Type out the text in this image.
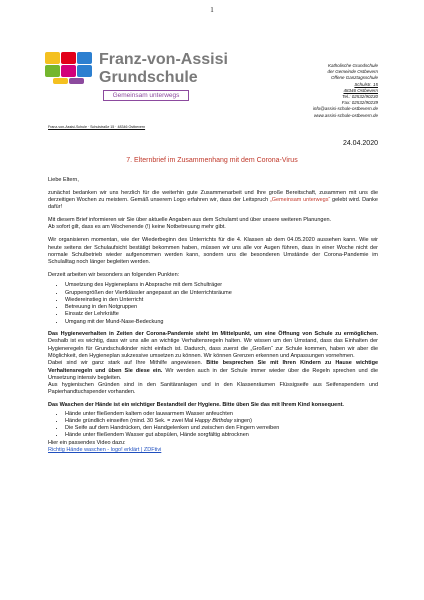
1
Franz-von-Assisi
Grundschule
Gemeinsam unterwegs
Franz-von-Assisi-Schule · Schulstraße 15 · 48346 Ostbevern
Katholische Grundschule
der Gemeinde Ostbevern
Offene Ganztagsschule
Schulstr. 15
48346 Ostbevern
Tel.: 02532/90230
Fax: 02532/90239
info@assisi-schule-ostbevern.de
www.assisi-schule-ostbevern.de
24.04.2020
7. Elternbrief im Zusammenhang mit dem Corona-Virus

Liebe Eltern,

zunächst bedanken wir uns herzlich für die weiterhin gute Zusammenarbeit und Ihre große Bereitschaft, zusammen mit uns die derzeitigen Wochen zu meistern. Gemäß unserem Logo erfahren wir, dass der Leitspruch „Gemeinsam unterwegs“ gelebt wird. Danke dafür!

Mit diesem Brief informieren wir Sie über aktuelle Angaben aus dem Schulamt und über unsere weiteren Planungen.

Ab sofort gilt, dass es am Wochenende (!) keine Notbetreuung mehr gibt.

Wir organisieren momentan, wie der Wiederbeginn des Unterrichts für die 4. Klassen ab dem 04.05.2020 aussehen kann. Wie wir heute seitens der Schulaufsicht bestätigt bekommen haben, müssen wir uns alle vor Augen führen, dass in einer Woche nicht der normale Schulbetrieb wieder aufgenommen werden kann, sondern uns die besonderen Umstände der Corona-Pandemie im Schulalltag noch länger begleiten werden.

Derzeit arbeiten wir besonders an folgenden Punkten:

• Umsetzung des Hygieneplans in Absprache mit dem Schulträger
• Gruppengrößen der Viertklässler angepasst an die Unterrichtsräume
• Wiedereinstieg in den Unterricht
• Betreuung in den Notgruppen
• Einsatz der Lehrkräfte
• Umgang mit der Mund-Nase-Bedeckung

Das Hygieneverhalten in Zeiten der Corona-Pandemie steht im Mittelpunkt, um eine Öffnung von Schule zu ermöglichen. Deshalb ist es wichtig, dass wir uns alle an wichtige Verhaltensregeln halten. Wir wissen um den Umstand, dass das Einhalten der Hygieneregeln für Grundschulkinder nicht einfach ist. Dadurch, dass zuerst die „Großen“ zur Schule kommen, haben wir aber die Möglichkeit, den Hygieneplan sukzessive umsetzen zu können. Wir können Grenzen erkennen und Anpassungen vornehmen.

Dabei sind wir ganz stark auf Ihre Mithilfe angewiesen. Bitte besprechen Sie mit Ihren Kindern zu Hause wichtige Verhaltensregeln und üben Sie diese ein. Wir werden auch in der Schule immer wieder über die Regeln sprechen und die Umsetzung intensiv begleiten.

Aus hygienischen Gründen sind in den Sanitäranlagen und in den Klassenräumen Flüssigseife aus Seifenspendern und Papierhandtuchspender vorhanden.

Das Waschen der Hände ist ein wichtiger Bestandteil der Hygiene. Bitte üben Sie das mit Ihrem Kind konsequent.

• Hände unter fließendem kaltem oder lauwarmem Wasser anfeuchten
• Hände gründlich einseifen (mind. 30 Sek. = zwei Mal Happy Birthday singen)
• Die Seife auf dem Handrücken, den Handgelenken und zwischen den Fingern verreiben
• Hände unter fließendem Wasser gut abspülen, Hände sorgfältig abtrocknen

Hier ein passendes Video dazu:

Richtig Hände waschen - logo! erklärt | ZDFtivi
